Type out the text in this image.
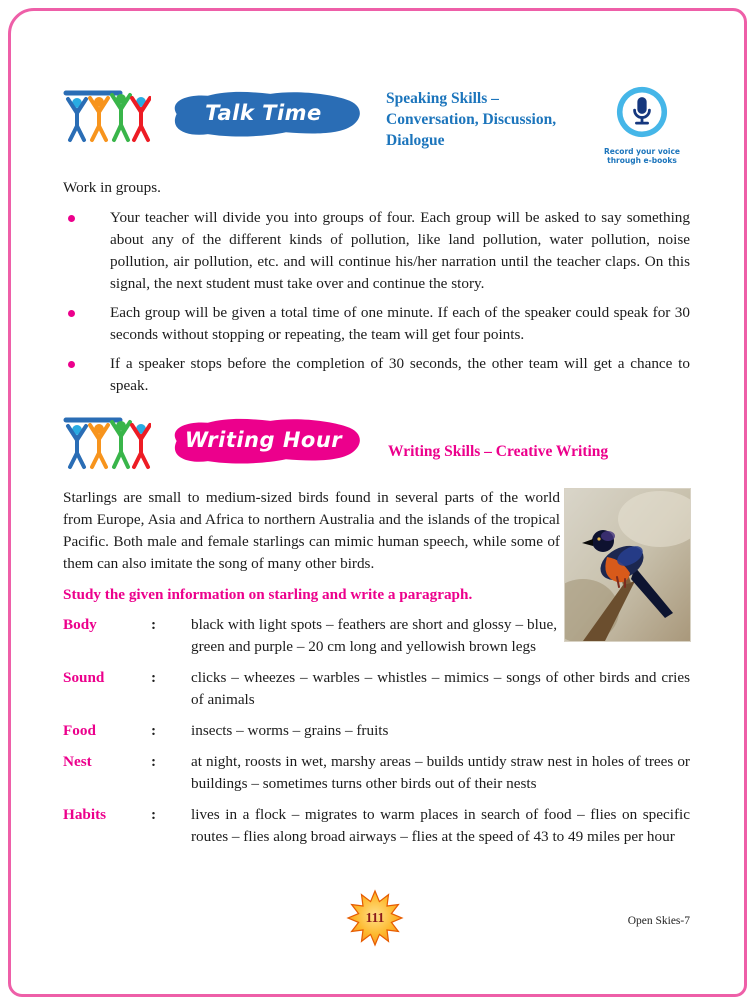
Talk Time
Speaking Skills – Conversation, Discussion, Dialogue
Record your voice through e-books

Work in groups.

Your teacher will divide you into groups of four. Each group will be asked to say something about any of the different kinds of pollution, like land pollution, water pollution, noise pollution, air pollution, etc. and will continue his/her narration until the teacher claps. On this signal, the next student must take over and continue the story.
Each group will be given a total time of one minute. If each of the speaker could speak for 30 seconds without stopping or repeating, the team will get four points.
If a speaker stops before the completion of 30 seconds, the other team will get a chance to speak.
Writing Hour	Writing Skills – Creative Writing

Starlings are small to medium-sized birds found in several parts of the world from Europe, Asia and Africa to northern Australia and the islands of the tropical Pacific. Both male and female starlings can mimic human speech, while some of them can also imitate the song of many other birds.

Study the given information on starling and write a paragraph.

Body	:	black with light spots – feathers are short and glossy – blue, green and purple – 20 cm long and yellowish brown legs
Sound	:	clicks – wheezes – warbles – whistles – mimics – songs of other birds and cries of animals
Food	:	insects – worms – grains – fruits
Nest	:	at night, roosts in wet, marshy areas – builds untidy straw nest in holes of trees or buildings – sometimes turns other birds out of their nests
Habits	:	lives in a flock – migrates to warm places in search of food – flies on specific routes – flies along broad airways – flies at the speed of 43 to 49 miles per hour
111	Open Skies-7
